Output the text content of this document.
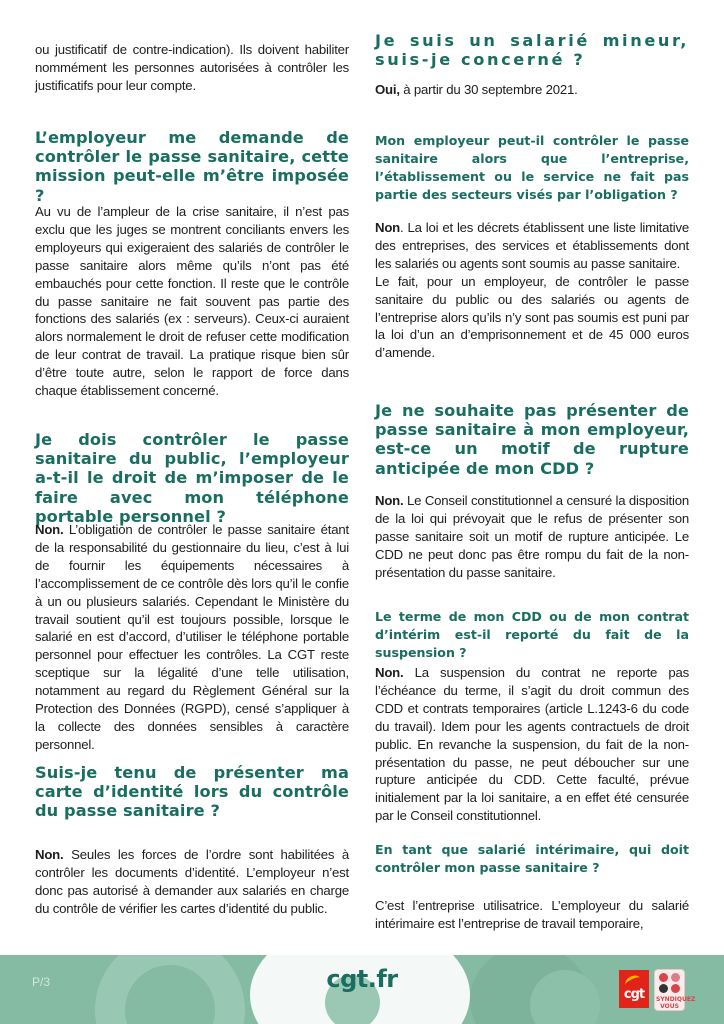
ou justificatif de contre-indication). Ils doivent habiliter nommément les personnes autorisées à contrôler les justificatifs pour leur compte.

L’employeur me demande de contrôler le passe sanitaire, cette mission peut-elle m’être imposée ?

Au vu de l’ampleur de la crise sanitaire, il n’est pas exclu que les juges se montrent conciliants envers les employeurs qui exigeraient des salariés de contrôler le passe sanitaire alors même qu’ils n’ont pas été embauchés pour cette fonction. Il reste que le contrôle du passe sanitaire ne fait souvent pas partie des fonctions des salariés (ex : serveurs). Ceux-ci auraient alors normalement le droit de refuser cette modification de leur contrat de travail. La pratique risque bien sûr d’être toute autre, selon le rapport de force dans chaque établissement concerné.

Je dois contrôler le passe sanitaire du public, l’employeur a-t-il le droit de m’imposer de le faire avec mon téléphone portable personnel ?

Non. L’obligation de contrôler le passe sanitaire étant de la responsabilité du gestionnaire du lieu, c’est à lui de fournir les équipements nécessaires à l’accomplissement de ce contrôle dès lors qu’il le confie à un ou plusieurs salariés. Cependant le Ministère du travail soutient qu’il est toujours possible, lorsque le salarié en est d’accord, d’utiliser le téléphone portable personnel pour effectuer les contrôles. La CGT reste sceptique sur la légalité d’une telle utilisation, notamment au regard du Règlement Général sur la Protection des Données (RGPD), censé s’appliquer à la collecte des données sensibles à caractère personnel.

Suis-je tenu de présenter ma carte d’identité lors du contrôle du passe sanitaire ?

Non. Seules les forces de l’ordre sont habilitées à contrôler les documents d’identité. L’employeur n’est donc pas autorisé à demander aux salariés en charge du contrôle de vérifier les cartes d’identité du public.

Je suis un salarié mineur, suis-je concerné ?

Oui, à partir du 30 septembre 2021.

Mon employeur peut-il contrôler le passe sanitaire alors que l’entreprise, l’établissement ou le service ne fait pas partie des secteurs visés par l’obligation ?

Non. La loi et les décrets établissent une liste limitative des entreprises, des services et établissements dont les salariés ou agents sont soumis au passe sanitaire.

Le fait, pour un employeur, de contrôler le passe sanitaire du public ou des salariés ou agents de l’entreprise alors qu’ils n’y sont pas soumis est puni par la loi d’un an d’emprisonnement et de 45 000 euros d’amende.

Je ne souhaite pas présenter de passe sanitaire à mon employeur, est-ce un motif de rupture anticipée de mon CDD ?

Non. Le Conseil constitutionnel a censuré la disposition de la loi qui prévoyait que le refus de présenter son passe sanitaire soit un motif de rupture anticipée. Le CDD ne peut donc pas être rompu du fait de la non-présentation du passe sanitaire.

Le terme de mon CDD ou de mon contrat d’intérim est-il reporté du fait de la suspension ?

Non. La suspension du contrat ne reporte pas l’échéance du terme, il s’agit du droit commun des CDD et contrats temporaires (article L.1243-6 du code du travail). Idem pour les agents contractuels de droit public. En revanche la suspension, du fait de la non-présentation du passe, ne peut déboucher sur une rupture anticipée du CDD. Cette faculté, prévue initialement par la loi sanitaire, a en effet été censurée par le Conseil constitutionnel.

En tant que salarié intérimaire, qui doit contrôler mon passe sanitaire ?

C’est l’entreprise utilisatrice. L’employeur du salarié intérimaire est l’entreprise de travail temporaire,

P/3	cgt.fr
cgt	SYNDIQUEZ VOUS
